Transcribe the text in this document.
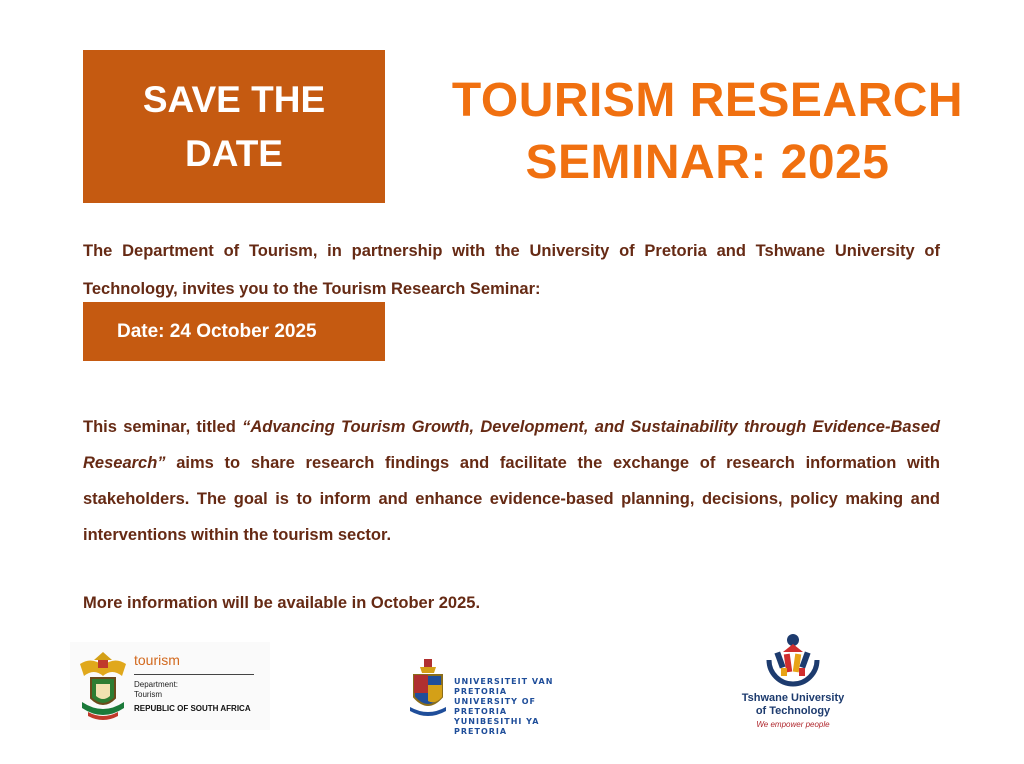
SAVE THE
DATE
TOURISM RESEARCH
SEMINAR: 2025
The Department of Tourism, in partnership with the University of Pretoria and Tshwane University of Technology, invites you to the Tourism Research Seminar:
Date: 24 October 2025
This seminar, titled “Advancing Tourism Growth, Development, and Sustainability through Evidence-Based Research” aims to share research findings and facilitate the exchange of research information with stakeholders. The goal is to inform and enhance evidence-based planning, decisions, policy making and interventions within the tourism sector.
More information will be available in October 2025.
tourism
Department:
Tourism
REPUBLIC OF SOUTH AFRICA
UNIVERSITEIT VAN PRETORIA
UNIVERSITY OF PRETORIA
YUNIBESITHI YA PRETORIA
Tshwane University
of Technology
We empower people
